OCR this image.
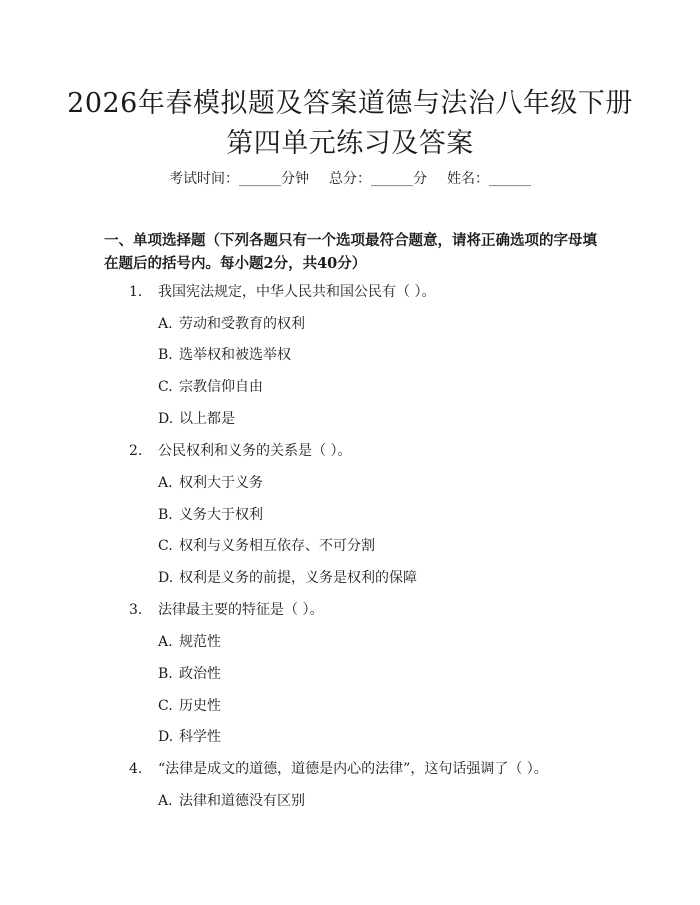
2026年春模拟题及答案道德与法治八年级下册第四单元练习及答案

考试时间：______分钟 总分：______分 姓名：______

一、单项选择题（下列各题只有一个选项最符合题意，请将正确选项的字母填在题后的括号内。每小题2分，共40分）

1. 我国宪法规定，中华人民共和国公民有（ ）。

A. 劳动和受教育的权利

B. 选举权和被选举权

C. 宗教信仰自由

D. 以上都是

2. 公民权利和义务的关系是（ ）。

A. 权利大于义务

B. 义务大于权利

C. 权利与义务相互依存、不可分割

D. 权利是义务的前提，义务是权利的保障

3. 法律最主要的特征是（ ）。

A. 规范性

B. 政治性

C. 历史性

D. 科学性

4. “法律是成文的道德，道德是内心的法律”，这句话强调了（ ）。

A. 法律和道德没有区别
